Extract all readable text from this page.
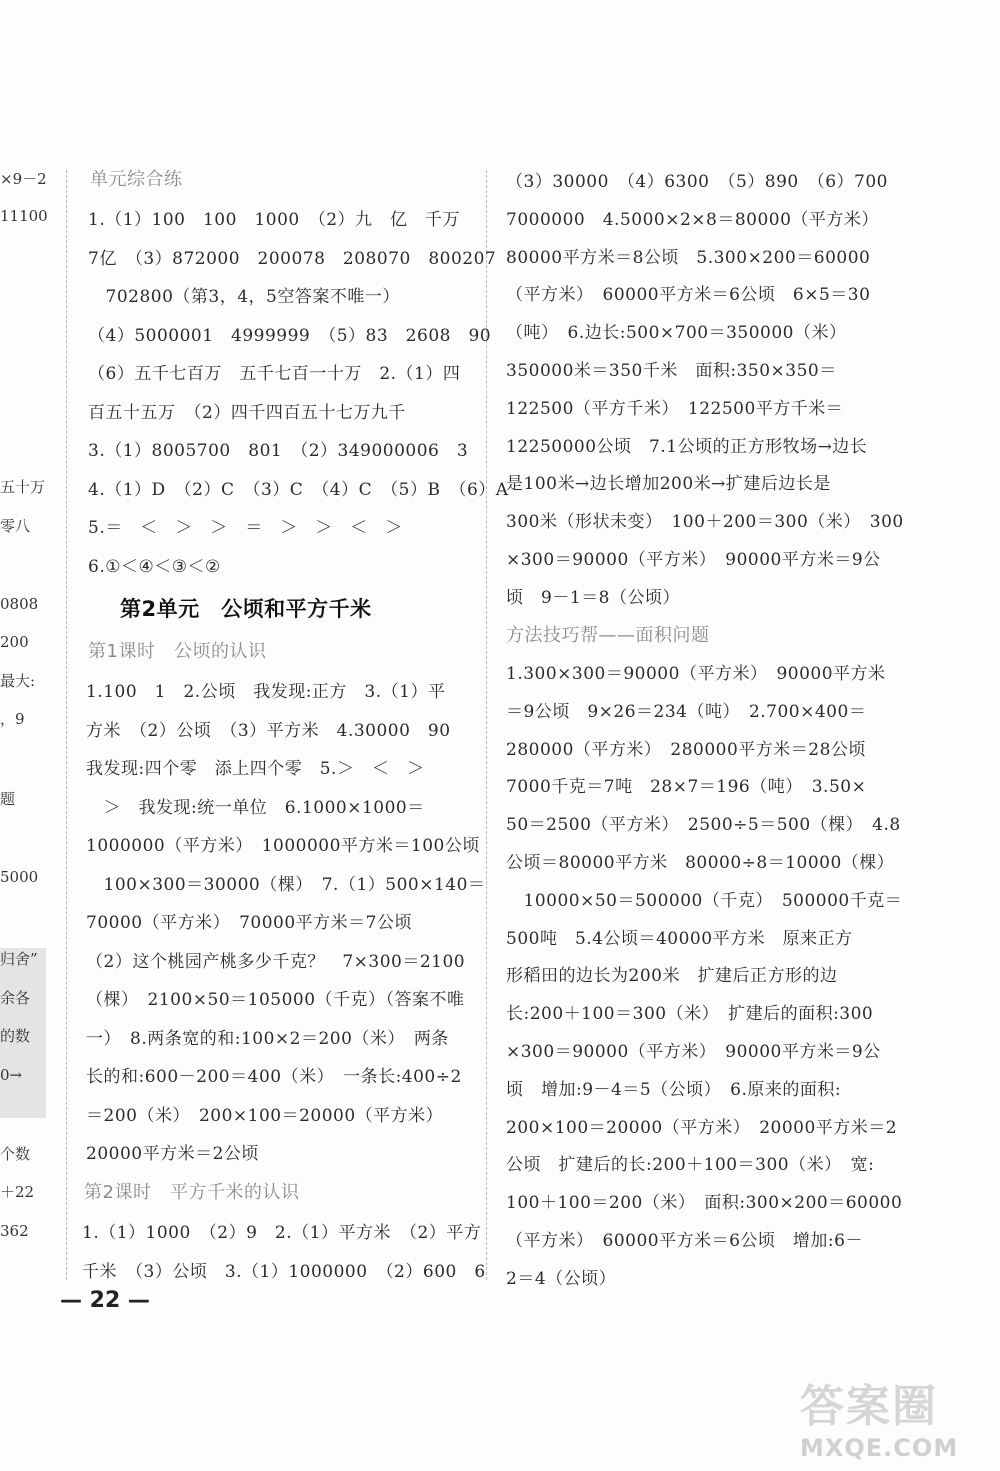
×9－2
11100
五十万
零八
0808
200
最大:
，9
题
5000
归舍”
余各
的数
0→
个数
＋22
362
单元综合练
1.（1）100　100　1000　（2）九　亿　千万
7亿　（3）872000　200078　208070　800207
　702800（第3，4，5空答案不唯一）
（4）5000001　4999999　（5）83　2608　90
（6）五千七百万　五千七百一十万　2.（1）四
百五十五万　（2）四千四百五十七万九千
3.（1）8005700　801　（2）349000006　3
4.（1）D　（2）C　（3）C　（4）C　（5）B　（6）A
5.＝　＜　＞　＞　＝　＞　＞　＜　＞
6.①＜④＜③＜②
第2单元　公顷和平方千米
第1课时　公顷的认识
1.100　1　2.公顷　我发现:正方　3.（1）平
方米　（2）公顷　（3）平方米　4.30000　90
我发现:四个零　添上四个零　5.＞　＜　＞
　＞　我发现:统一单位　6.1000×1000＝
1000000（平方米）　1000000平方米＝100公顷
　100×300＝30000（棵）　7.（1）500×140＝
70000（平方米）　70000平方米＝7公顷
（2）这个桃园产桃多少千克？　7×300＝2100
（棵）　2100×50＝105000（千克）（答案不唯
一）　8.两条宽的和:100×2＝200（米）　两条
长的和:600－200＝400（米）　一条长:400÷2
＝200（米）　200×100＝20000（平方米）
20000平方米＝2公顷
第2课时　平方千米的认识
1.（1）1000　（2）9　2.（1）平方米　（2）平方
千米　（3）公顷　3.（1）1000000　（2）600　6
（3）30000　（4）6300　（5）890　（6）700
7000000　4.5000×2×8＝80000（平方米）
80000平方米＝8公顷　5.300×200＝60000
（平方米）　60000平方米＝6公顷　6×5＝30
（吨）　6.边长:500×700＝350000（米）
350000米＝350千米　面积:350×350＝
122500（平方千米）　122500平方千米＝
12250000公顷　7.1公顷的正方形牧场→边长
是100米→边长增加200米→扩建后边长是
300米（形状未变）　100＋200＝300（米）　300
×300＝90000（平方米）　90000平方米＝9公
顷　9－1＝8（公顷）
方法技巧帮——面积问题
1.300×300＝90000（平方米）　90000平方米
＝9公顷　9×26＝234（吨）　2.700×400＝
280000（平方米）　280000平方米＝28公顷
7000千克＝7吨　28×7＝196（吨）　3.50×
50＝2500（平方米）　2500÷5＝500（棵）　4.8
公顷＝80000平方米　80000÷8＝10000（棵）
　10000×50＝500000（千克）　500000千克＝
500吨　5.4公顷＝40000平方米　原来正方
形稻田的边长为200米　扩建后正方形的边
长:200＋100＝300（米）　扩建后的面积:300
×300＝90000（平方米）　90000平方米＝9公
顷　增加:9－4＝5（公顷）　6.原来的面积:
200×100＝20000（平方米）　20000平方米＝2
公顷　扩建后的长:200＋100＝300（米）　宽:
100＋100＝200（米）　面积:300×200＝60000
（平方米）　60000平方米＝6公顷　增加:6－
2＝4（公顷）
— 22 —
答案圈
MXQE.COM
